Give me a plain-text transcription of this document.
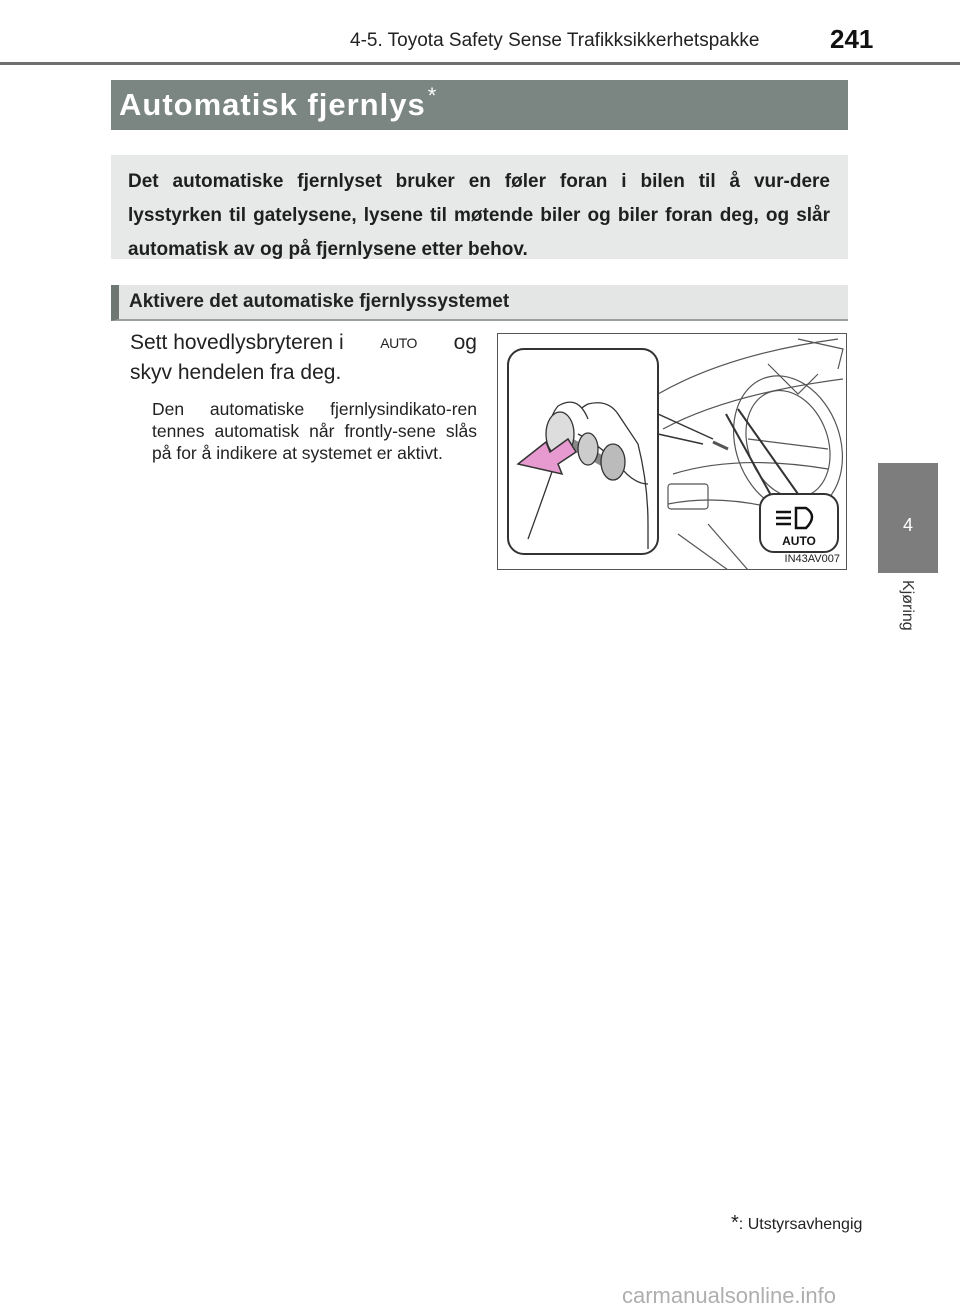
4-5. Toyota Safety Sense Trafikksikkerhetspakke	241
4
Kjøring
Automatisk fjernlys*

Det automatiske fjernlyset bruker en føler foran i bilen til å vur-dere lysstyrken til gatelysene, lysene til møtende biler og biler foran deg, og slår automatisk av og på fjernlysene etter behov.

Aktivere det automatiske fjernlyssystemet
Sett hovedlysbryteren i	AUTO og
skyv hendelen fra deg.
Den automatiske fjernlysindikato-ren tennes automatisk når frontly-sene slås på for å indikere at systemet er aktivt.
AUTO
IN43AV007
*: Utstyrsavhengig
carmanualsonline.info
